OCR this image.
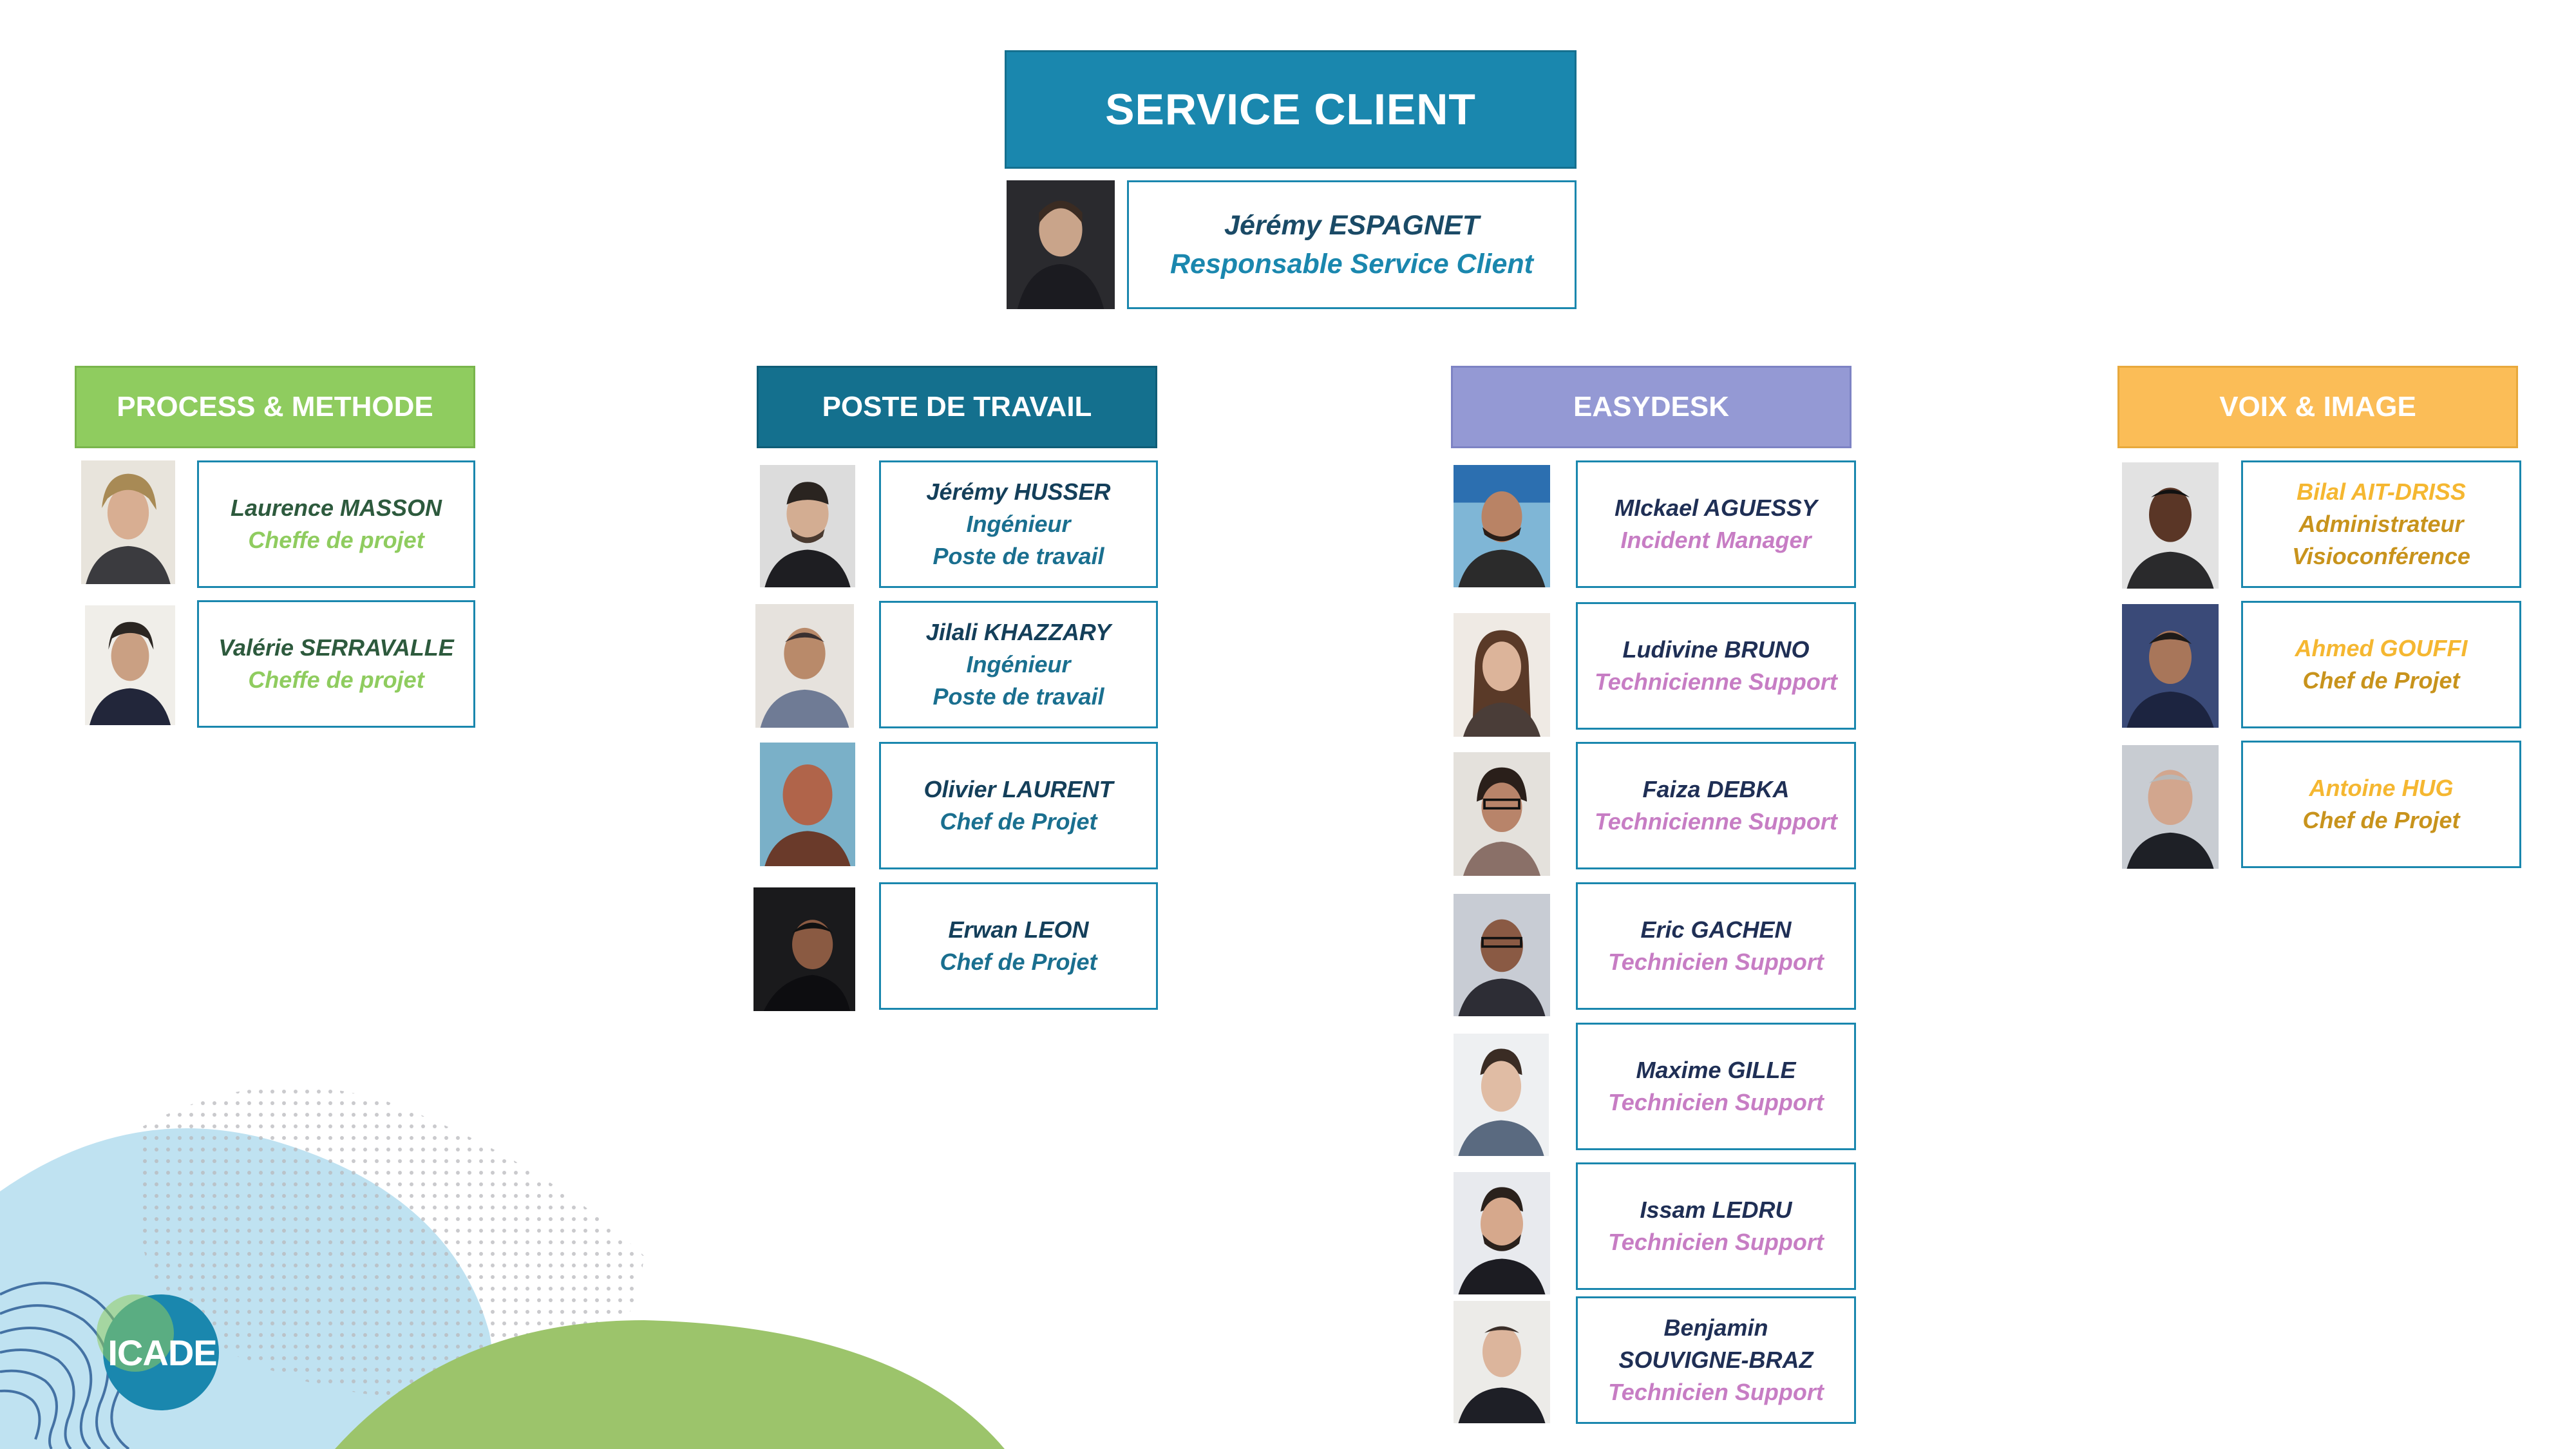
SERVICE CLIENT
Jérémy ESPAGNET
Responsable Service Client
PROCESS & METHODE	POSTE DE TRAVAIL	EASYDESK	VOIX & IMAGE
Laurence MASSON
Cheffe de projet
Valérie SERRAVALLE
Cheffe de projet
Jérémy HUSSER
Ingénieur
Poste de travail
Jilali KHAZZARY
Ingénieur
Poste de travail
Olivier LAURENT
Chef de Projet
Erwan LEON
Chef de Projet
MIckael AGUESSY
Incident Manager
Ludivine BRUNO
Technicienne Support
Faiza DEBKA
Technicienne Support
Eric GACHEN
Technicien Support
Maxime GILLE
Technicien Support
Issam LEDRU
Technicien Support
Benjamin
SOUVIGNE-BRAZ
Technicien Support
Bilal AIT-DRISS
Administrateur
Visioconférence
Ahmed GOUFFI
Chef de Projet
Antoine HUG
Chef de Projet
ICADE
